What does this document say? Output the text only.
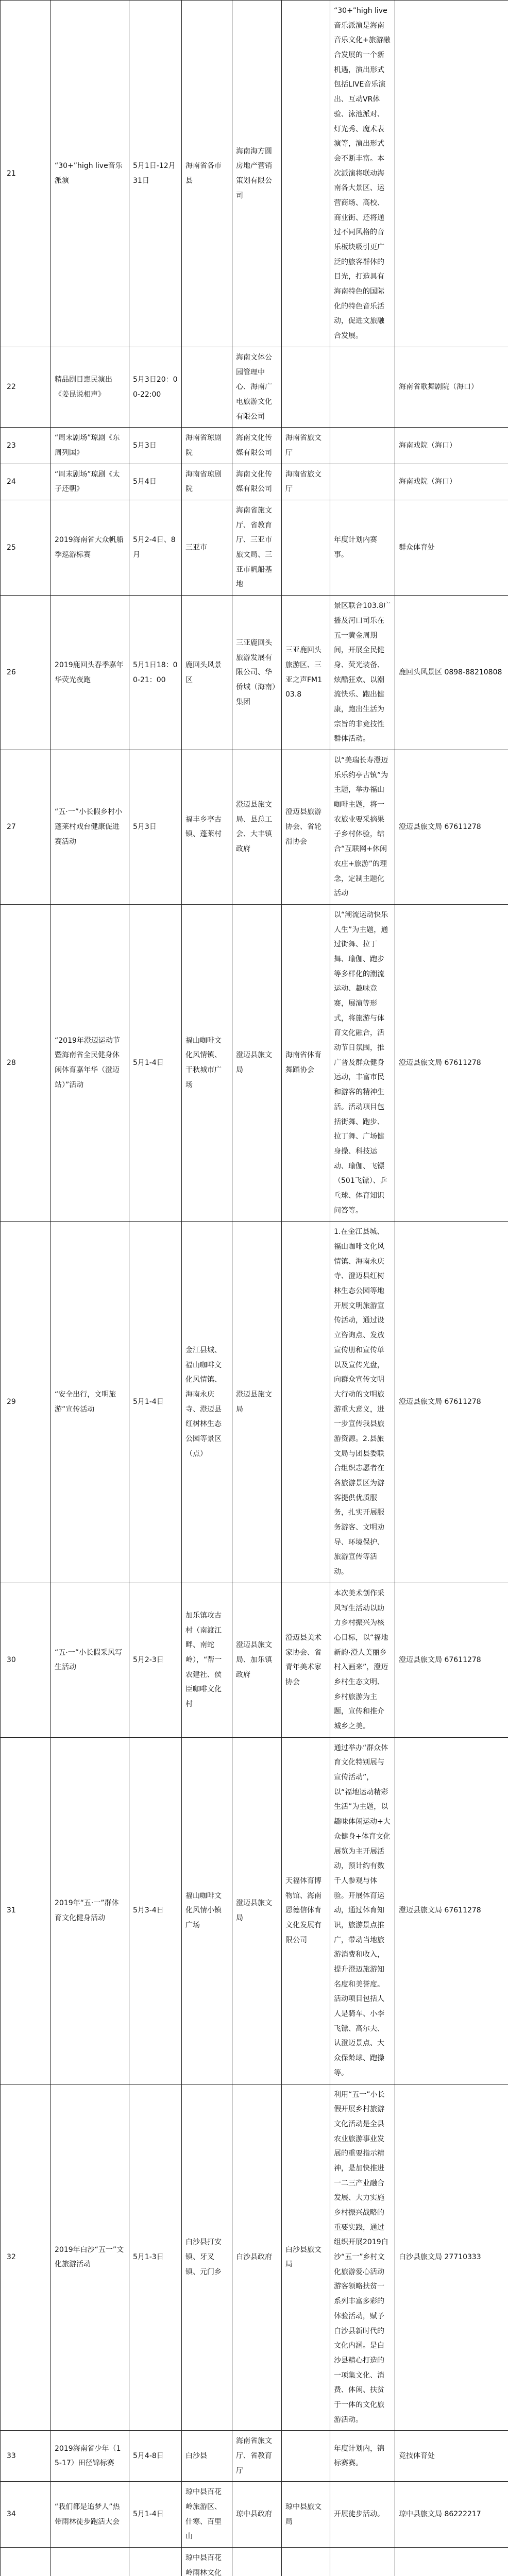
21	“30+”high live音乐派演	5月1日-12月31日	海南省各市县	海南海方圆房地产营销策划有限公司		“30+”high live音乐派演是海南音乐文化+旅游融合发展的一个新机遇，演出形式包括LIVE音乐演出、互动VR体验、泳池派对、灯光秀、魔术表演等，演出形式会不断丰富。本次派演将联动海南各大景区、运营商场、高校、商业街、还将通过不同风格的音乐板块吸引更广泛的旅客群体的目光，打造具有海南特色的国际化的特色音乐活动，促进文旅融合发展。	
22	精品剧目惠民演出《姜昆说相声》	5月3日20：00-22:00		海南文体公园管理中心、海南广电旅游文化有限公司			海南省歌舞剧院（海口）
23	“周末剧场”琼剧《东周列国》	5月3日	海南省琼剧院	海南文化传媒有限公司	海南省旅文厅		海南戏院（海口）
24	“周末剧场”琼剧《太子还朝》	5月4日	海南省琼剧院	海南文化传媒有限公司	海南省旅文厅		海南戏院（海口）
25	2019海南省大众帆船季巡游标赛	5月2-4日、8月	三亚市	海南省旅文厅、省教育厅、三亚市旅文局、三亚市帆船基地		年度计划内赛事。	群众体育处
26	2019鹿回头春季嘉年华荧光夜跑	5月1日18：00-21：00	鹿回头风景区	三亚鹿回头旅游发展有限公司、华侨城（海南）集团	三亚鹿回头旅游区、三亚之声FM103.8	景区联合103.8广播及河口司乐在五一黄金周期间，开展全民健身、荧光装备、炫酷狂欢、以潮流快乐、跑出健康，跑出生活为宗旨的非竞技性群体活动。	鹿回头风景区 0898-88210808
27	“五·一”小长假乡村小蓬莱村戏台健康促进赛活动	5月3日	福丰乡亭古镇、蓬莱村	澄迈县旅文局、县总工会、大丰镇政府	澄迈县旅游协会、省轮滑协会	以“美瑞长寿澄迈乐乐约亭古镇”为主题，举办福山咖啡主题，将一农旅业要采摘果子乡村体验，结合“互联网+休闲农庄+旅游”的理念，定制主题化活动	澄迈县旅文局 67611278
28	“2019年澄迈运动节暨海南省全民健身休闲体育嘉年华（澄迈站）”活动	5月1-4日	福山咖啡文化风情镇、干秋城市广场	澄迈县旅文局	海南省体育舞蹈协会	以“潮流运动快乐人生”为主题，通过街舞、拉丁舞、瑜伽、跑步等多样化的潮流运动、趣味竞赛，展演等形式，将旅游与体育文化融合，活动节日氛围，推广普及群众健身运动，丰富市民和游客的精神生活。活动项目包括街舞、跑步、拉丁舞、广场健身操、科技运动、瑜伽、飞镖（501飞镖）、乒乓球、体育知识问答等。	澄迈县旅文局 67611278
29	“安全出行，文明旅游”宣传活动	5月1-4日	金江县城、福山咖啡文化风情镇、海南永庆寺、澄迈县红树林生态公园等景区（点）	澄迈县旅文局		1.在金江县城、福山咖啡文化风情镇、海南永庆寺、澄迈县红树林生态公园等地开展文明旅游宣传活动，通过设立咨询点、发放宣传册和宣传单以及宣传光盘，向群众宣传文明大行动的文明旅游重大意义，进一步宣传我县旅游资源。2.县旅文局与团县委联合组织志愿者在各旅游景区为游客提供优质服务，扎实开展服务游客、文明劝导、环境保护、旅游宣传等活动。	澄迈县旅文局 67611278
30	“五·一”小长假采风写生活动	5月2-3日	加乐镇攻古村（南渡江畔、南蛇岭），“帮一农建社、侯臣咖啡文化村	澄迈县旅文局、加乐镇政府	澄迈县美术家协会、省青年美术家协会	本次美术创作采风写生活动以助力乡村振兴为核心目标，以“福地新韵·澄人美丽乡村入画来”，澄迈乡村生态文明、乡村旅游为主题，宣传和推介城乡之美。	澄迈县旅文局 67611278
31	2019年“五·一”群体育文化健身活动	5月3-4日	福山咖啡文化风情小镇广场	澄迈县旅文局	天福体育博物馆、海南恩德信体育文化发展有限公司	通过举办“群众体育文化特别展与宣传活动”，以“福地运动精彩生活”为主题，以趣味体闲运动+大众健身+体育文化展览为主开展活动，预计约有数千人参观与体验。开展体育运动，通过体育知识，旅游景点推广，带动当地旅游消费和收入，提升澄迈旅游知名度和美誉度。活动项目包括人人是骑车、小李飞镖、高尔夫、认澄迈景点、大众保龄球、跑操等。	澄迈县旅文局 67611278
32	2019年白沙“五一”文化旅游活动	5月1-3日	白沙县打安镇、牙叉镇、元门乡	白沙县政府	白沙县旅文局	利用“五一”小长假开展乡村旅游文化活动是全县农业旅游事业发展的重要指示精神，是加快推进一二三产业融合发展、大力实施乡村振兴战略的重要实践，通过组织开展2019白沙“五一”乡村文化旅游爱心活动游客领略扶贫一系列丰富多彩的体验活动，赋予白沙县新时代的文化内涵。是白沙县精心打造的一项集文化、消费、体闲、扶贫于一体的文化旅游活动。	白沙县旅文局 27710333
33	2019海南省少年（15-17）田径锦标赛	5月4-8日	白沙县	海南省旅文厅、省教育厅		年度计划内，锦标赛赛。	竞技体育处
34	“我们都是追梦人”热带雨林徒步跑活大会	5月1-4日	琼中县百花岭旅游区、什寒、百里山	琼中县政府	琼中县旅文局	开展徒步活动。	琼中县旅文局 86222217
			琼中县百花岭雨林文化				
